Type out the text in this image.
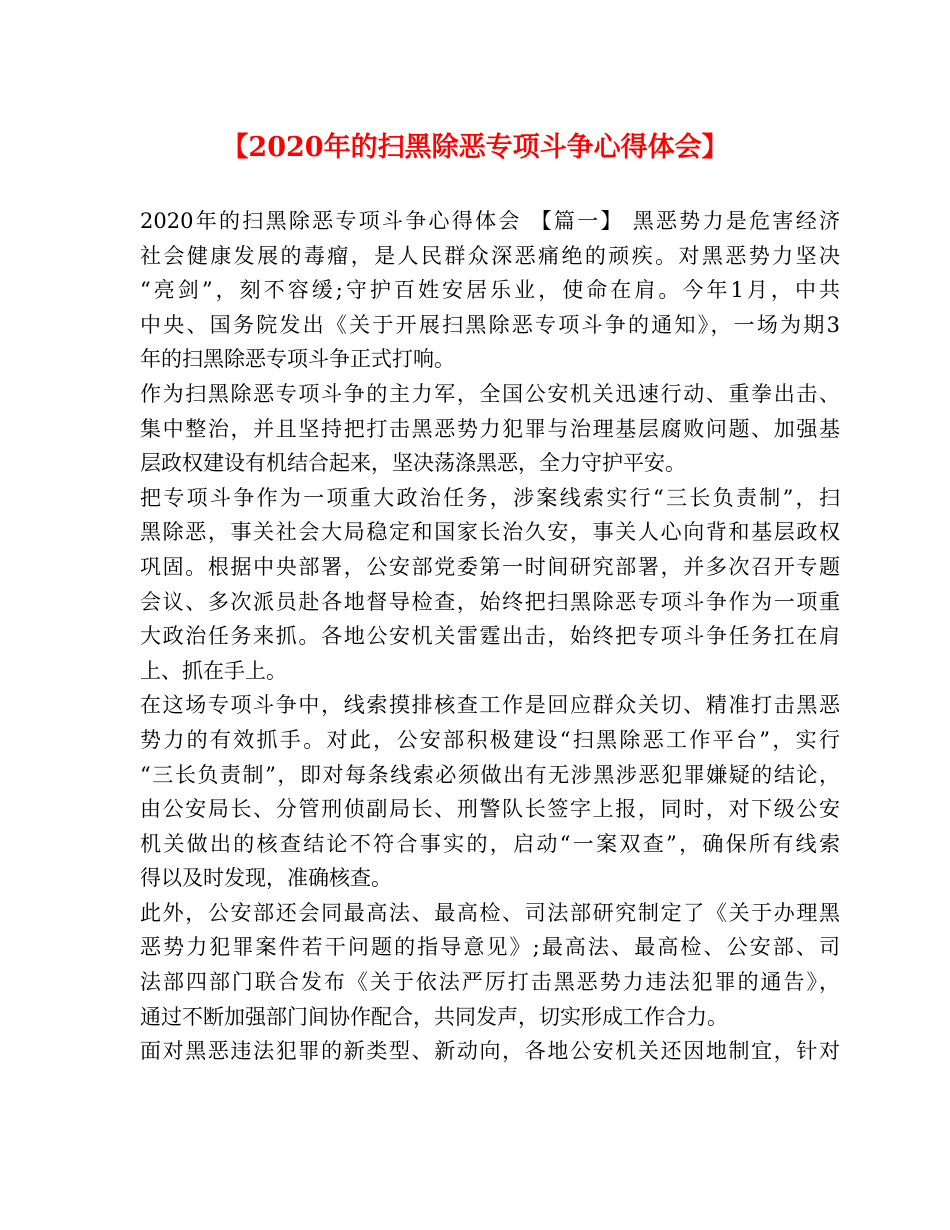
【2020年的扫黑除恶专项斗争心得体会】
2020年的扫黑除恶专项斗争心得体会 【篇一】 黑恶势力是危害经济
社会健康发展的毒瘤，是人民群众深恶痛绝的顽疾。对黑恶势力坚决
“亮剑”，刻不容缓;守护百姓安居乐业，使命在肩。今年1月，中共
中央、国务院发出《关于开展扫黑除恶专项斗争的通知》，一场为期3
年的扫黑除恶专项斗争正式打响。
作为扫黑除恶专项斗争的主力军，全国公安机关迅速行动、重拳出击、
集中整治，并且坚持把打击黑恶势力犯罪与治理基层腐败问题、加强基
层政权建设有机结合起来，坚决荡涤黑恶，全力守护平安。
把专项斗争作为一项重大政治任务，涉案线索实行“三长负责制”，扫
黑除恶，事关社会大局稳定和国家长治久安，事关人心向背和基层政权
巩固。根据中央部署，公安部党委第一时间研究部署，并多次召开专题
会议、多次派员赴各地督导检查，始终把扫黑除恶专项斗争作为一项重
大政治任务来抓。各地公安机关雷霆出击，始终把专项斗争任务扛在肩
上、抓在手上。
在这场专项斗争中，线索摸排核查工作是回应群众关切、精准打击黑恶
势力的有效抓手。对此，公安部积极建设“扫黑除恶工作平台”，实行
“三长负责制”，即对每条线索必须做出有无涉黑涉恶犯罪嫌疑的结论，
由公安局长、分管刑侦副局长、刑警队长签字上报，同时，对下级公安
机关做出的核查结论不符合事实的，启动“一案双查”，确保所有线索
得以及时发现，准确核查。
此外，公安部还会同最高法、最高检、司法部研究制定了《关于办理黑
恶势力犯罪案件若干问题的指导意见》;最高法、最高检、公安部、司
法部四部门联合发布《关于依法严厉打击黑恶势力违法犯罪的通告》，
通过不断加强部门间协作配合，共同发声，切实形成工作合力。
面对黑恶违法犯罪的新类型、新动向，各地公安机关还因地制宜，针对
